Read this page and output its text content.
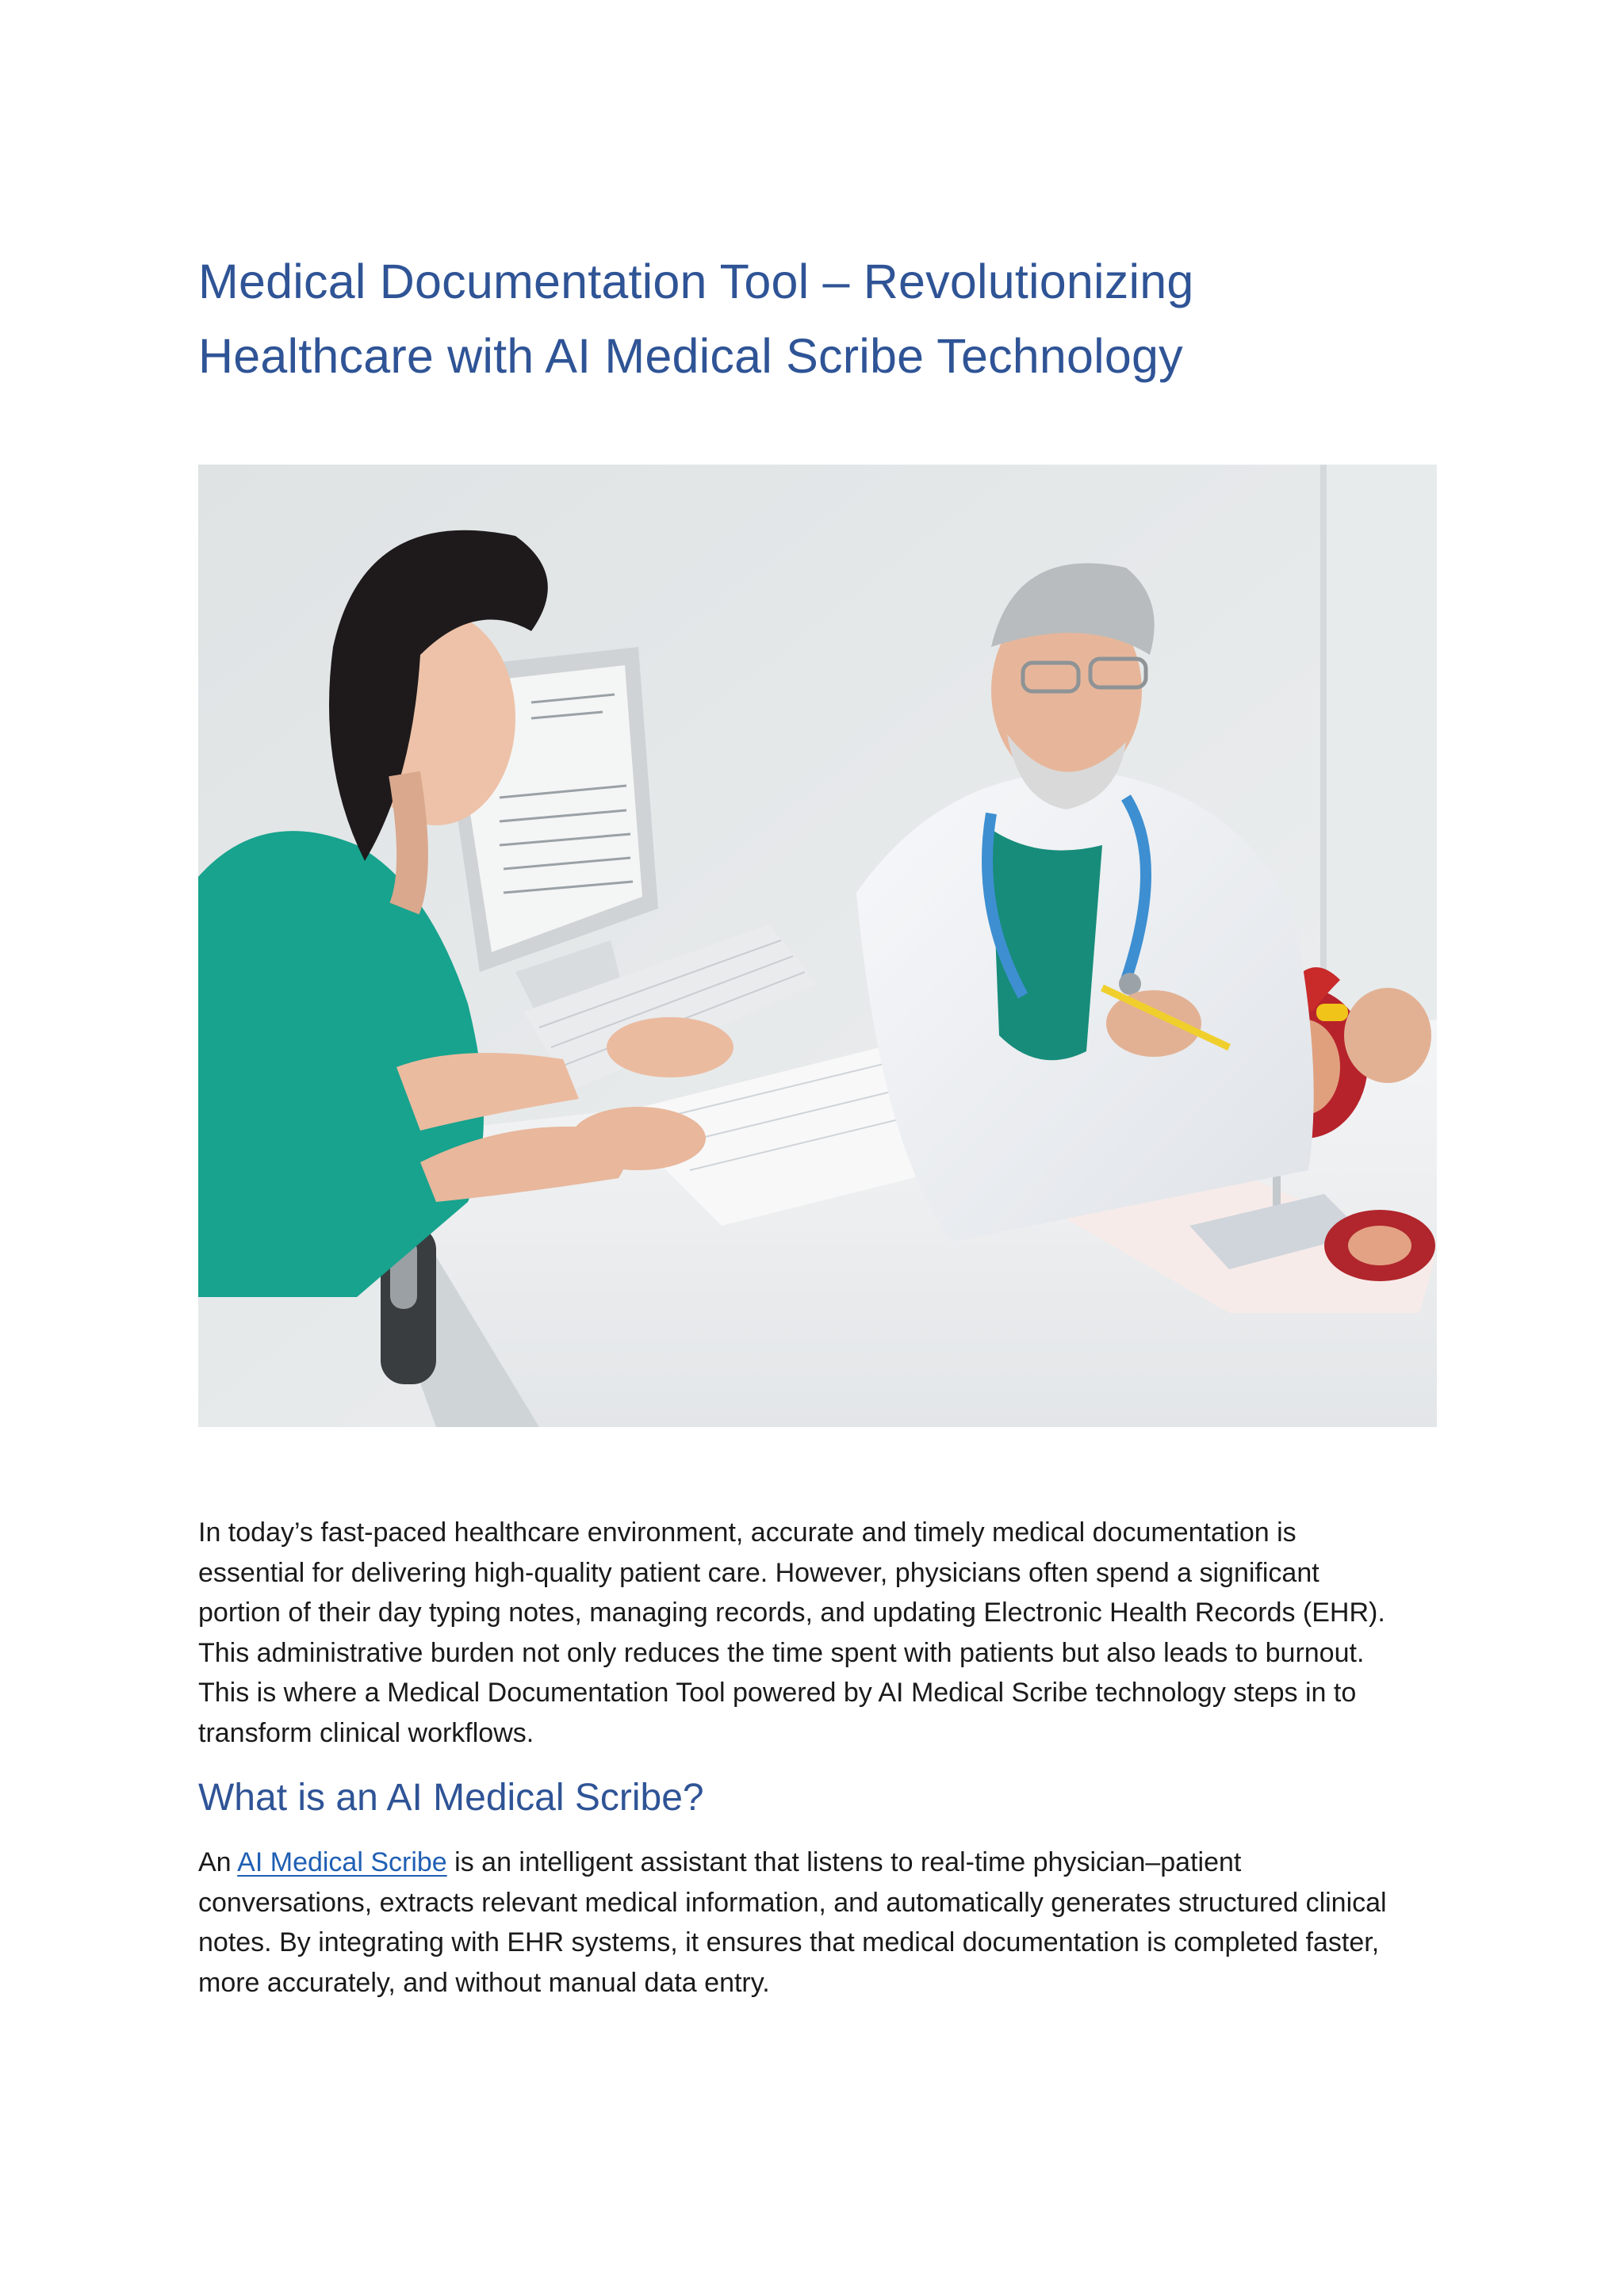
Medical Documentation Tool – Revolutionizing
Healthcare with AI Medical Scribe Technology

In today’s fast-paced healthcare environment, accurate and timely medical documentation is
essential for delivering high-quality patient care. However, physicians often spend a significant
portion of their day typing notes, managing records, and updating Electronic Health Records (EHR).
This administrative burden not only reduces the time spent with patients but also leads to burnout.
This is where a Medical Documentation Tool powered by AI Medical Scribe technology steps in to
transform clinical workflows.

What is an AI Medical Scribe?

An AI Medical Scribe is an intelligent assistant that listens to real-time physician–patient
conversations, extracts relevant medical information, and automatically generates structured clinical
notes. By integrating with EHR systems, it ensures that medical documentation is completed faster,
more accurately, and without manual data entry.
